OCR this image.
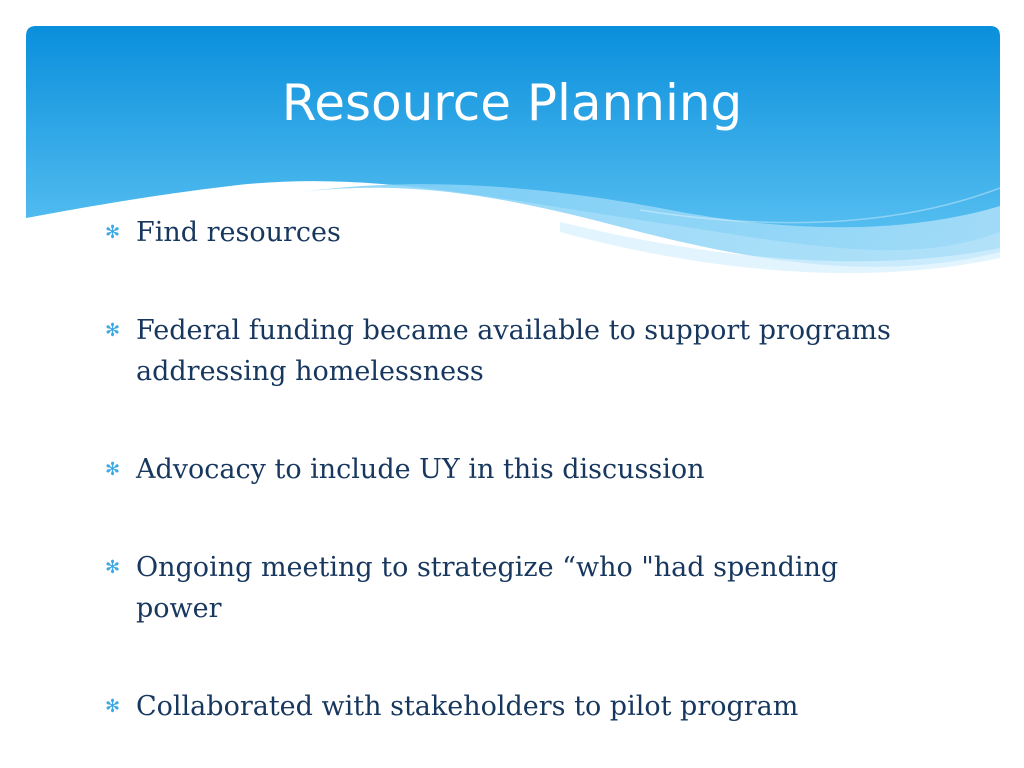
Resource Planning
✻ Find resources
✻ Federal funding became available to support programs addressing homelessness
✻ Advocacy to include UY in this discussion
✻ Ongoing meeting to strategize “who "had spending power
✻ Collaborated with stakeholders to pilot program
